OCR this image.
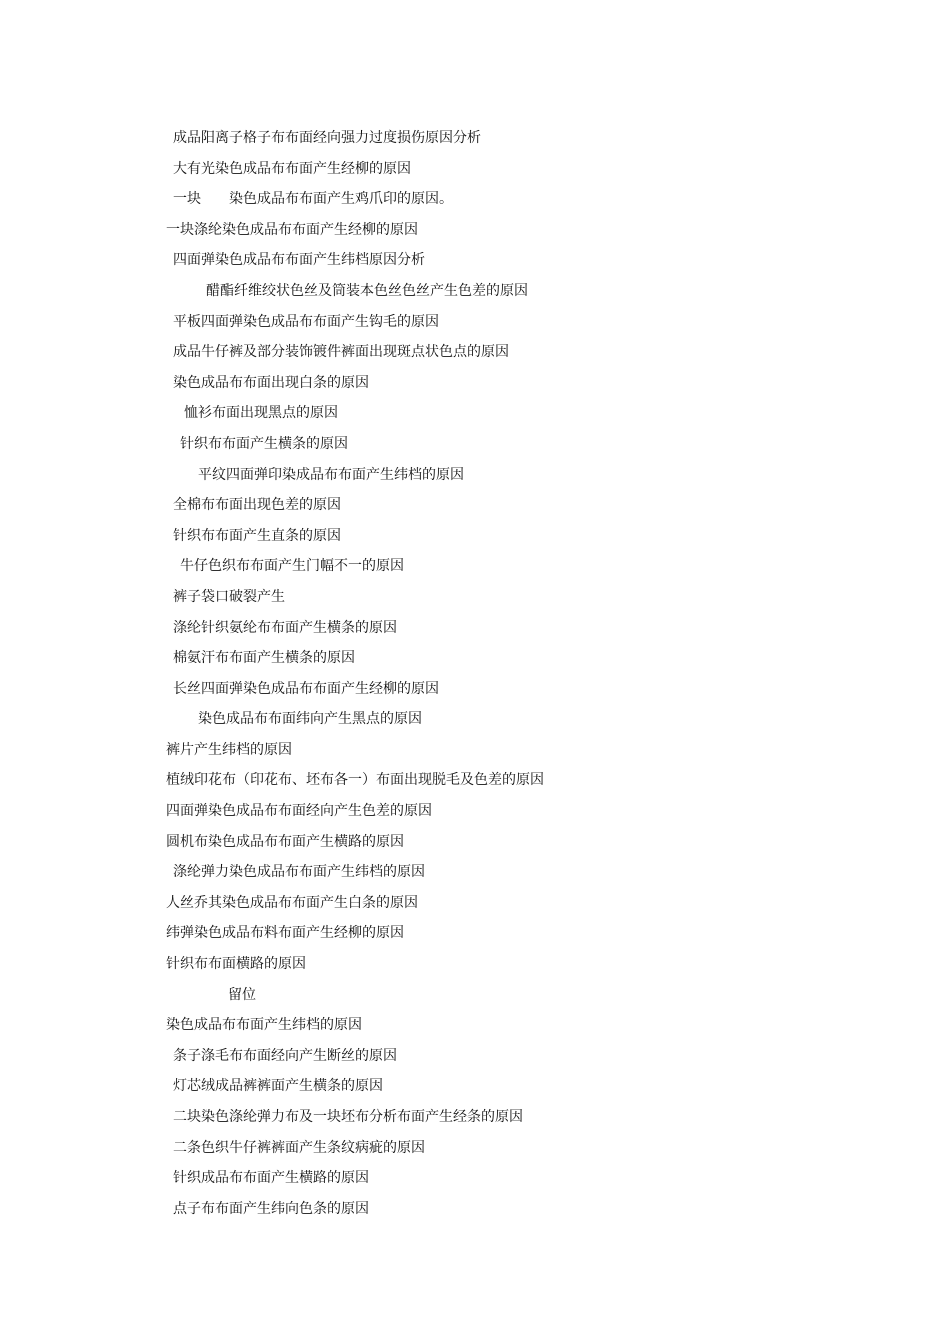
成品阳离子格子布布面经向强力过度损伤原因分析
大有光染色成品布布面产生经柳的原因
一块 染色成品布布面产生鸡爪印的原因。
一块涤纶染色成品布布面产生经柳的原因
四面弹染色成品布布面产生纬档原因分析
醋酯纤维绞状色丝及筒装本色丝色丝产生色差的原因
平板四面弹染色成品布布面产生钩毛的原因
成品牛仔裤及部分装饰镀件裤面出现斑点状色点的原因
染色成品布布面出现白条的原因
恤衫布面出现黑点的原因
针织布布面产生横条的原因
平纹四面弹印染成品布布面产生纬档的原因
全棉布布面出现色差的原因
针织布布面产生直条的原因
牛仔色织布布面产生门幅不一的原因
裤子袋口破裂产生
涤纶针织氨纶布布面产生横条的原因
棉氨汗布布面产生横条的原因
长丝四面弹染色成品布布面产生经柳的原因
染色成品布布面纬向产生黑点的原因
裤片产生纬档的原因
植绒印花布（印花布、坯布各一）布面出现脱毛及色差的原因
四面弹染色成品布布面经向产生色差的原因
圆机布染色成品布布面产生横路的原因
涤纶弹力染色成品布布面产生纬档的原因
人丝乔其染色成品布布面产生白条的原因
纬弹染色成品布料布面产生经柳的原因
针织布布面横路的原因
留位
染色成品布布面产生纬档的原因
条子涤毛布布面经向产生断丝的原因
灯芯绒成品裤裤面产生横条的原因
二块染色涤纶弹力布及一块坯布分析布面产生经条的原因
二条色织牛仔裤裤面产生条纹病疵的原因
针织成品布布面产生横路的原因
点子布布面产生纬向色条的原因
